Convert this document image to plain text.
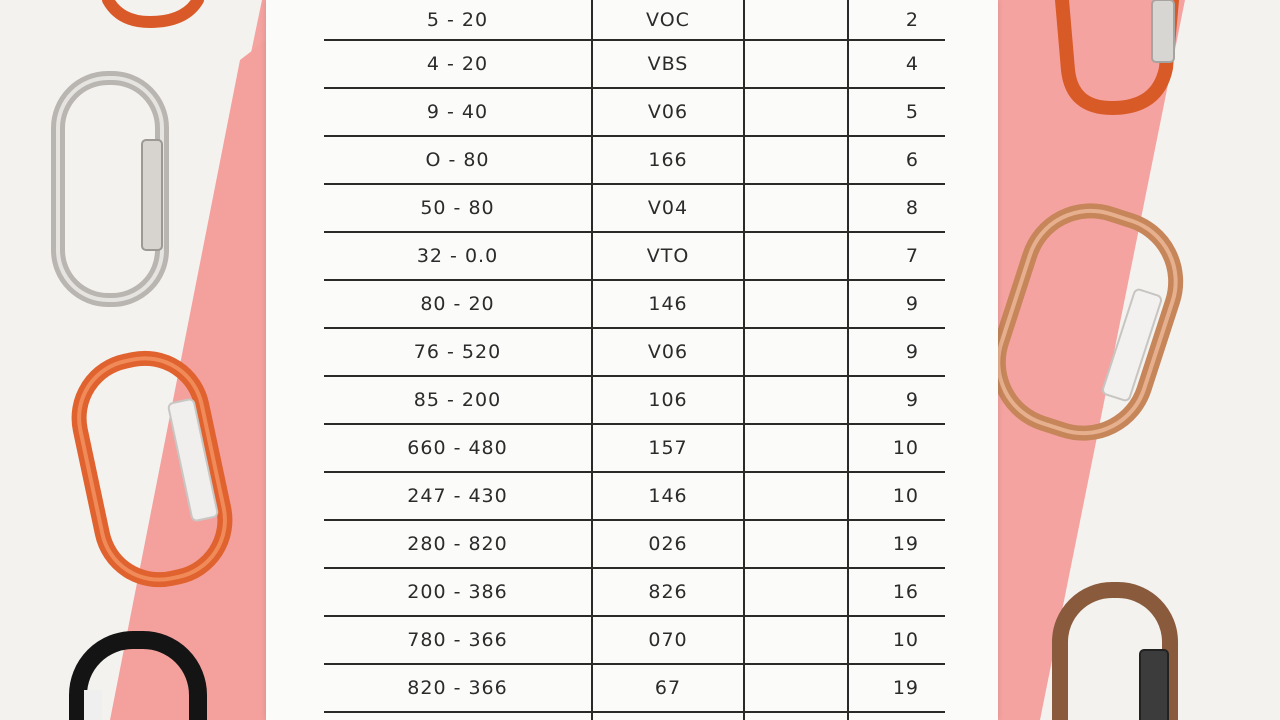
5 - 20	VOC		2
4 - 20	VBS		4
9 - 40	V06		5
O - 80	166		6
50 - 80	V04		8
32 - 0.0	VTO		7
80 - 20	146		9
76 - 520	V06		9
85 - 200	106		9
660 - 480	157		10
247 - 430	146		10
280 - 820	026		19
200 - 386	826		16
780 - 366	070		10
820 - 366	67		19
